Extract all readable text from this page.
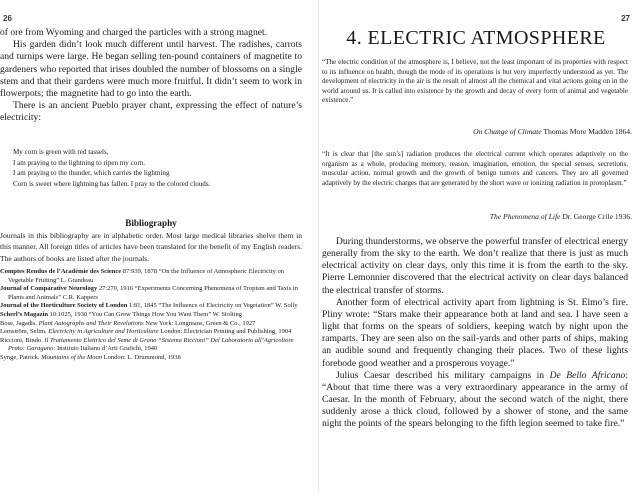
26

of ore from Wyoming and charged the particles with a strong magnet.

His garden didn’t look much different until harvest. The radishes, carrots and turnips were large. He began selling ten-pound containers of magnetite to gardeners who reported that irises doubled the number of blossoms on a single stem and that their gardens were much more fruitful. It didn’t seem to work in flowerpots; the magnetite had to go into the earth.

There is an ancient Pueblo prayer chant, expressing the effect of nature’s electricity:

My corn is green with red tassels,
I am praying to the lightning to ripen my corn.
I am praying to the thunder, which carries the lightning
Corn is sweet where lightning has fallen. I pray to the colored clouds.
Bibliography
Journals in this bibliography are in alphabetic order. Most large medical libraries shelve them in this manner. All foreign titles of articles have been translated for the benefit of my English readers. The authors of books are listed after the journals.

Comptes Rendus de l’Académie des Science 87:939, 1878 “On the Influence of Atmospheric Electricity on Vegetable Fruiting” L. Grandeau

Journal of Comparative Neurology 27:270, 1916 “Experiments Concerning Phenomena of Tropism and Taxis in Plants and Animals” C.R. Kappers

Journal of the Horticulture Society of London 1:81, 1845 “The Influence of Electricity on Vegetation” W. Solly

Scherl’s Magazin 10:1025, 1930 “You Can Grow Things How You Want Them” W. Stolting

Bose, Jagadis. Plant Autographs and Their Revelations New York: Longmans, Green & Co., 1927

Lemström, Selim. Electricity in Agriculture and Horticulture London: Electrician Printing and Publishing, 1904

Riccioni, Bindo. Il Trattamento Elettrico del Seme di Grano “Sistema Riccioni” Del Laboratorio all’Agricoltore Prato: Garagano: Instituto Italiano d’Arti Grafichi, 1940

Synge, Patrick. Mountains of the Moon London: L. Drummond, 1938

27
4. ELECTRIC ATMOSPHERE
“The electric condition of the atmosphere is, I believe, not the least important of its properties with respect to its influence on health, though the mode of its operations is but very imperfectly understood as yet. The development of electricity in the air is the result of almost all the chemical and vital actions going on in the world around us. It is called into existence by the growth and decay of every form of animal and vegetable existence.”
On Change of Climate Thomas More Madden 1864.
“It is clear that [the sun’s] radiation produces the electrical current which operates adaptively on the organism as a whole, producing memory, reason, imagination, emotion, the special senses, secretions, muscular action, normal growth and the growth of benign tumors and cancers. They are all governed adaptively by the electric charges that are generated by the short wave or ionizing radiation in protoplasm.”
The Phenomena of Life Dr. George Crile 1936.

During thunderstorms, we observe the powerful transfer of electrical energy generally from the sky to the earth. We don’t realize that there is just as much electrical activity on clear days, only this time it is from the earth to the sky. Pierre Lemonnier discovered that the electrical activity on clear days balanced the electrical transfer of storms.

Another form of electrical activity apart from lightning is St. Elmo’s fire. Pliny wrote: “Stars make their appearance both at land and sea. I have seen a light that forms on the spears of soldiers, keeping watch by night upon the ramparts. They are seen also on the sail-yards and other parts of ships, making an audible sound and frequently changing their places. Two of these lights forebode good weather and a prosperous voyage.”

Julius Caesar described his military campaigns in De Bello Africano: “About that time there was a very extraordinary appearance in the army of Caesar. In the month of February, about the second watch of the night, there suddenly arose a thick cloud, followed by a shower of stone, and the same night the points of the spears belonging to the fifth legion seemed to take fire.”
